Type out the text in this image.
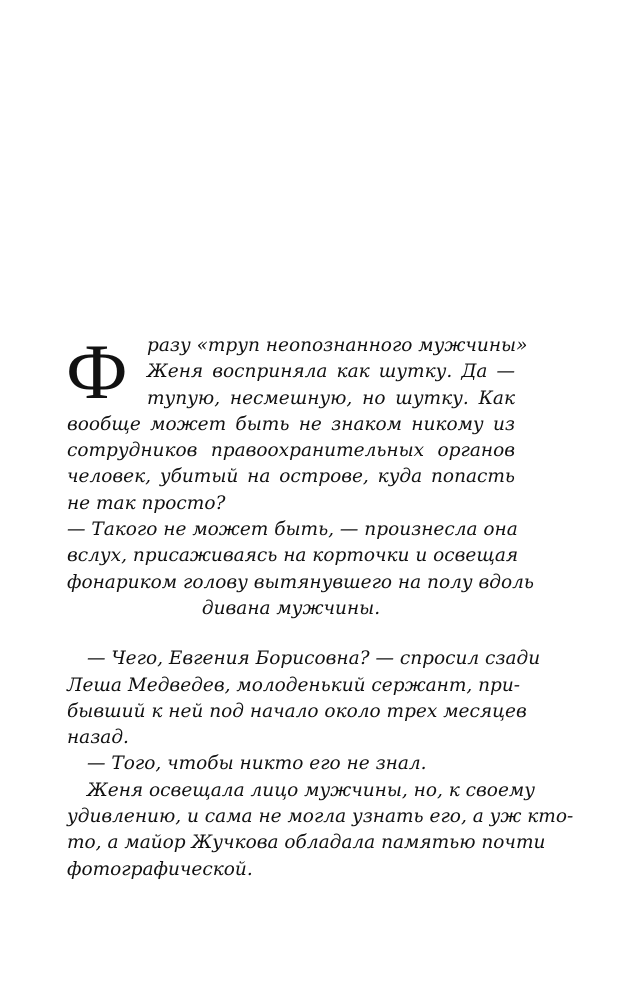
Ф разу «труп неопознанного мужчины»
Женя восприняла как шутку. Да —
тупую, несмешную, но шутку. Как
вообще может быть не знаком никому из
сотрудников правоохранительных органов
человек, убитый на острове, куда попасть
не так просто?
— Такого не может быть, — произнесла она
вслух, присаживаясь на корточки и освещая
фонариком голову вытянувшего на полу вдоль
дивана мужчины.
— Чего, Евгения Борисовна? — спросил сзади
Леша Медведев, молоденький сержант, при-
бывший к ней под начало около трех месяцев
назад.
— Того, чтобы никто его не знал.
Женя освещала лицо мужчины, но, к своему
удивлению, и сама не могла узнать его, а уж кто-
то, а майор Жучкова обладала памятью почти
фотографической.
